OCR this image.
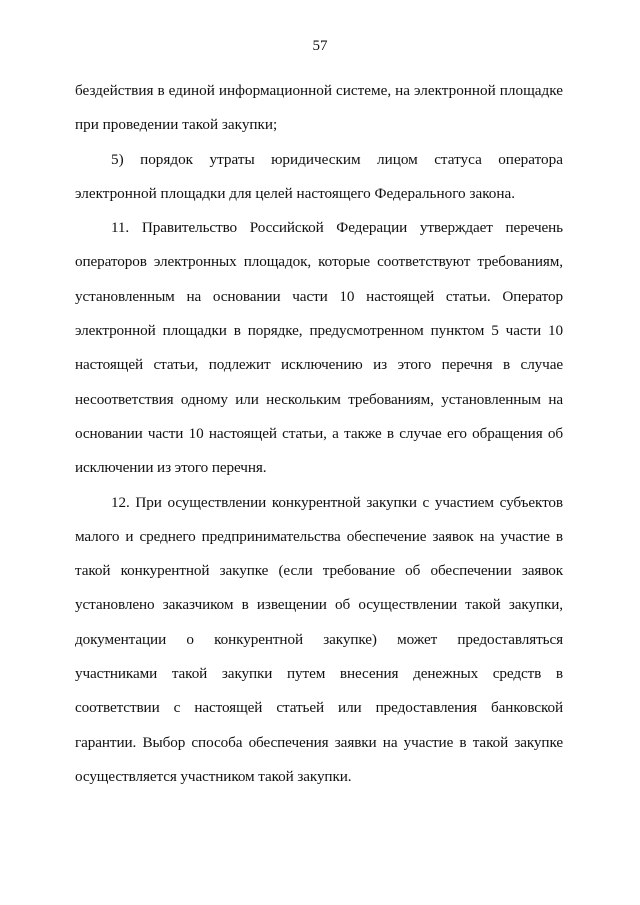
57

бездействия в единой информационной системе, на электронной площадке при проведении такой закупки;

5) порядок утраты юридическим лицом статуса оператора электронной площадки для целей настоящего Федерального закона.

11. Правительство Российской Федерации утверждает перечень операторов электронных площадок, которые соответствуют требованиям, установленным на основании части 10 настоящей статьи. Оператор электронной площадки в порядке, предусмотренном пунктом 5 части 10 настоящей статьи, подлежит исключению из этого перечня в случае несоответствия одному или нескольким требованиям, установленным на основании части 10 настоящей статьи, а также в случае его обращения об исключении из этого перечня.

12. При осуществлении конкурентной закупки с участием субъектов малого и среднего предпринимательства обеспечение заявок на участие в такой конкурентной закупке (если требование об обеспечении заявок установлено заказчиком в извещении об осуществлении такой закупки, документации о конкурентной закупке) может предоставляться участниками такой закупки путем внесения денежных средств в соответствии с настоящей статьей или предоставления банковской гарантии. Выбор способа обеспечения заявки на участие в такой закупке осуществляется участником такой закупки.
